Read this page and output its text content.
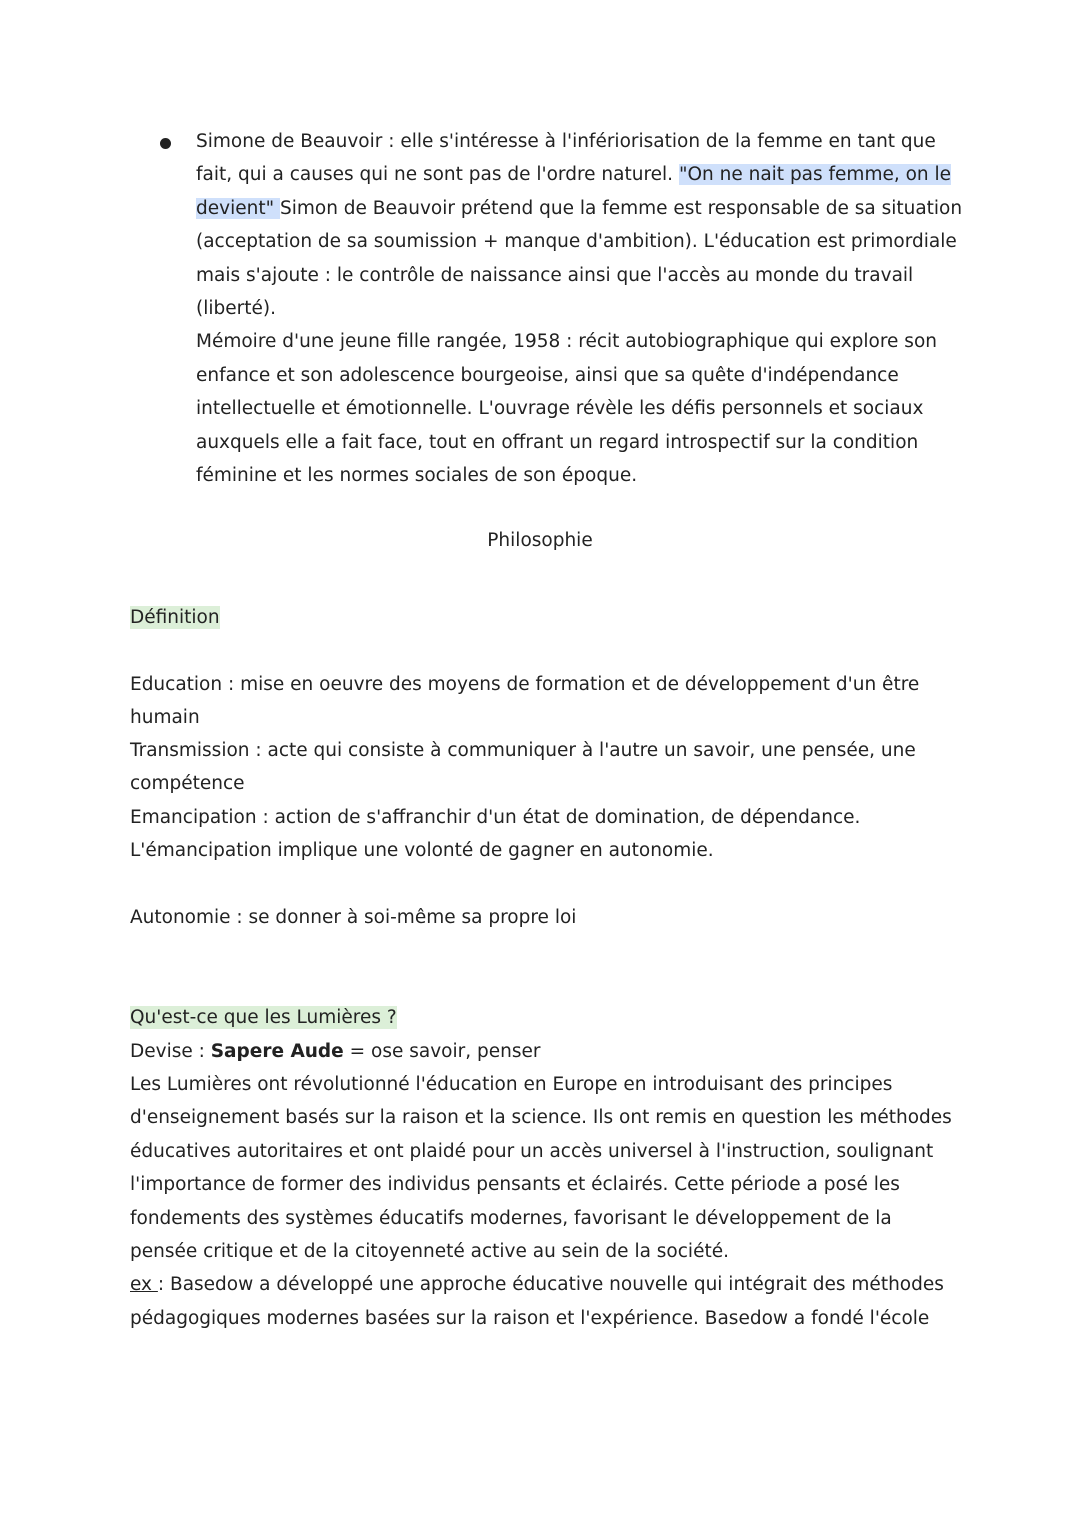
Simone de Beauvoir : elle s'intéresse à l'infériorisation de la femme en tant que fait, qui a causes qui ne sont pas de l'ordre naturel. "On ne nait pas femme, on le devient" Simon de Beauvoir prétend que la femme est responsable de sa situation (acceptation de sa soumission + manque d'ambition). L'éducation est primordiale mais s'ajoute : le contrôle de naissance ainsi que l'accès au monde du travail (liberté).
Mémoire d'une jeune fille rangée, 1958 : récit autobiographique qui explore son enfance et son adolescence bourgeoise, ainsi que sa quête d'indépendance intellectuelle et émotionnelle. L'ouvrage révèle les défis personnels et sociaux auxquels elle a fait face, tout en offrant un regard introspectif sur la condition féminine et les normes sociales de son époque.
Philosophie
Définition
Education : mise en oeuvre des moyens de formation et de développement d'un être humain
Transmission : acte qui consiste à communiquer à l'autre un savoir, une pensée, une compétence
Emancipation : action de s'affranchir d'un état de domination, de dépendance. L'émancipation implique une volonté de gagner en autonomie.
Autonomie : se donner à soi-même sa propre loi
Qu'est-ce que les Lumières ?
Devise : Sapere Aude = ose savoir, penser
Les Lumières ont révolutionné l'éducation en Europe en introduisant des principes d'enseignement basés sur la raison et la science. Ils ont remis en question les méthodes éducatives autoritaires et ont plaidé pour un accès universel à l'instruction, soulignant l'importance de former des individus pensants et éclairés. Cette période a posé les fondements des systèmes éducatifs modernes, favorisant le développement de la pensée critique et de la citoyenneté active au sein de la société.
ex : Basedow a développé une approche éducative nouvelle qui intégrait des méthodes pédagogiques modernes basées sur la raison et l'expérience. Basedow a fondé l'école
